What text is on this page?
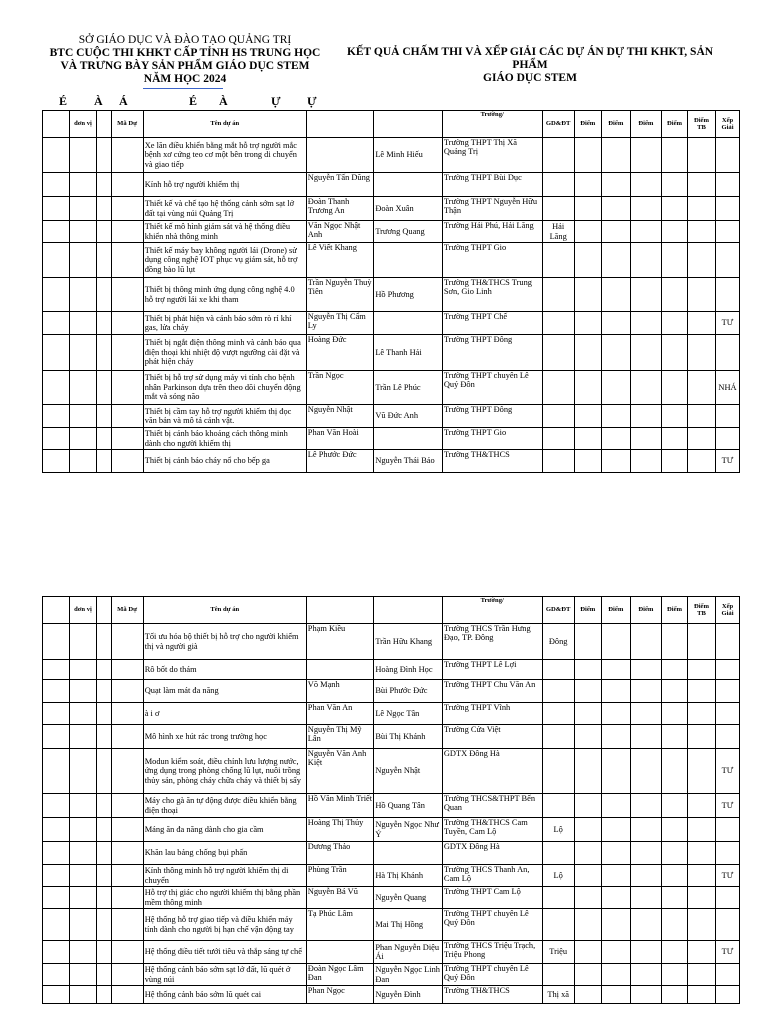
SỞ GIÁO DỤC VÀ ĐÀO TẠO QUẢNG TRỊ
BTC CUỘC THI KHKT CẤP TỈNH HS TRUNG HỌC
VÀ TRƯNG BÀY SẢN PHẨM GIÁO DỤC STEM
NĂM HỌC 2024
KẾT QUẢ CHẤM THI VÀ XẾP GIẢI CÁC DỰ ÁN DỰ THI KHKT, SẢN PHẨM
GIÁO DỤC STEM
É À Á	É À	Ự Ự
	đơn vị		Mã Dự	Tên dự án			Trường/	GD&ĐT	Điểm	Điểm	Điểm	Điểm	Điểm TB	Xếp Giải
				Xe lăn điều khiển bằng mắt hỗ trợ người mắc bệnh xơ cứng teo cơ một bên trong di chuyển và giao tiếp		Lê Minh Hiếu	Trường THPT Thị Xã Quảng Trị							
				Kính hỗ trợ người khiếm thị	Nguyễn Tấn Dũng		Trường THPT Bùi Dục							
				Thiết kế và chế tạo hệ thống cảnh sớm sạt lở đất tại vùng núi Quảng Trị	Đoàn Thanh Trương An	Đoàn Xuân	Trường THPT Nguyễn Hữu Thận							
				Thiết kế mô hình giám sát và hệ thống điều khiển nhà thông minh	Văn Ngọc Nhật Anh	Trương Quang	Trường Hải Phú, Hải Lăng	Hải Lăng						
				Thiết kế máy bay không người lái (Drone) sử dụng công nghệ IOT phục vụ giám sát, hỗ trợ đồng bào lũ lụt	Lê Viết Khang		Trường THPT Gio							
				Thiết bị thông minh ứng dụng công nghệ 4.0 hỗ trợ người lái xe khi tham	Trần Nguyễn Thuỳ Tiên	Hồ Phương	Trường TH&THCS Trung Sơn, Gio Linh							
				Thiết bị phát hiện và cảnh báo sớm rò rỉ khí gas, lửa cháy	Nguyễn Thị Cẩm Ly		Trường THPT Chế							TƯ
				Thiết bị ngắt điện thông minh và cảnh báo qua điện thoại khi nhiệt độ vượt ngưỡng cài đặt và phát hiện cháy	Hoàng Đức	Lê Thanh Hải	Trường THPT Đông							
				Thiết bị hỗ trợ sử dụng máy vi tính cho bệnh nhân Parkinson dựa trên theo dõi chuyển động mắt và sóng não	Trần Ngọc	Trần Lê Phúc	Trường THPT chuyên Lê Quý Đôn							NHÁ
				Thiết bị cầm tay hỗ trợ người khiếm thị đọc văn bản và mô tả cảnh vật.	Nguyễn Nhật	Vũ Đức Anh	Trường THPT Đông							
				Thiết bị cảnh báo khoảng cách thông minh dành cho người khiếm thị	Phan Văn Hoài		Trường THPT Gio							
				Thiết bị cảnh báo cháy nổ cho bếp ga	Lê Phước Đức	Nguyễn Thái Bảo	Trường TH&THCS							TƯ
	đơn vị		Mã Dự	Tên dự án			Trường/	GD&ĐT	Điểm	Điểm	Điểm	Điểm	Điểm TB	Xếp Giải
				Tối ưu hóa bộ thiết bị hỗ trợ cho người khiếm thị và người già	Phạm Kiều	Trần Hữu Khang	Trường THCS Trần Hưng Đạo, TP. Đông	Đông						
				Rô bốt do thám		Hoàng Đình Học	Trường THPT Lê Lợi							
				Quạt làm mát đa năng	Võ Mạnh	Bùi Phước Đức	Trường THPT Chu Văn An							
				à i ơ	Phan Văn An	Lê Ngọc Tân	Trường THPT Vĩnh							
				Mô hình xe hút rác trong trường học	Nguyễn Thị Mỹ Lân	Bùi Thị Khánh	Trường Cửa Việt							
				Modun kiểm soát, điều chỉnh lưu lượng nước, ứng dụng trong phòng chống lũ lụt, nuôi trồng thủy sản, phòng cháy chữa cháy và thiết bị sấy	Nguyễn Văn Anh Kiệt	Nguyễn Nhật	GDTX Đông Hà							TƯ
				Máy cho gà ăn tự động được điều khiển bằng điện thoại	Hồ Văn Minh Triết	Hồ Quang Tân	Trường THCS&THPT Bến Quan							TƯ
				Máng ăn đa năng dành cho gia cầm	Hoàng Thị Thủy	Nguyễn Ngọc Như Ý	Trường TH&THCS Cam Tuyền, Cam Lộ	Lộ						
				Khăn lau bảng chống bụi phấn	Dương Thảo		GDTX Đông Hà							
				Kính thông minh hỗ trợ người khiếm thị di chuyển	Phùng Trần	Hà Thị Khánh	Trường THCS Thanh An, Cam Lộ	Lộ						TƯ
				Hỗ trợ thị giác cho người khiếm thị bằng phần mềm thông minh	Nguyễn Bá Vũ	Nguyễn Quang	Trường THPT Cam Lộ							
				Hệ thống hỗ trợ giao tiếp và điều khiển máy tính dành cho người bị hạn chế vận động tay	Tạ Phúc Lâm	Mai Thị Hồng	Trường THPT chuyên Lê Quý Đôn							
				Hệ thống điều tiết tưới tiêu và thắp sáng tự chế		Phan Nguyễn Diệu Ái	Trường THCS Triệu Trạch, Triệu Phong	Triệu						TƯ
				Hệ thống cảnh báo sớm sạt lở đất, lũ quét ở vùng núi	Đoàn Ngọc Lâm Đan	Nguyễn Ngọc Linh Đan	Trường THPT chuyên Lê Quý Đôn							
				Hệ thống cảnh báo sớm lũ quét cai	Phan Ngọc	Nguyễn Đình	Trường TH&THCS	Thị xã						
